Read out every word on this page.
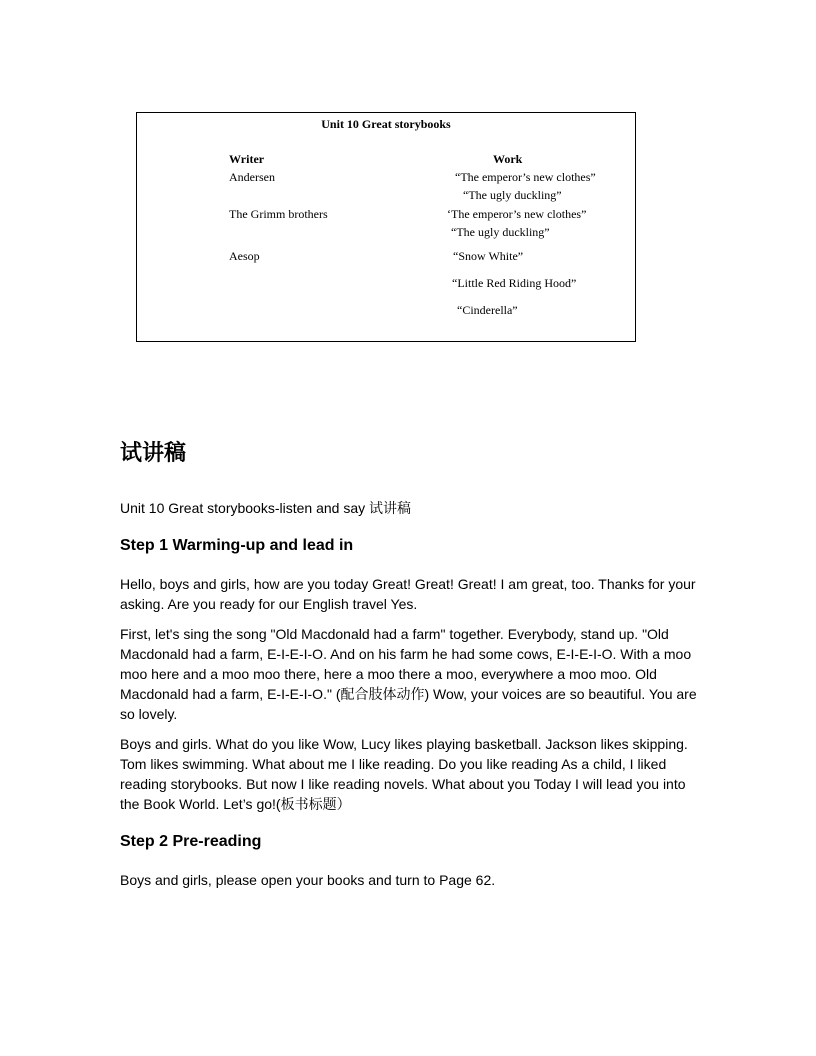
Unit 10 Great storybooks
Writer	Work
Andersen
The Grimm brothers
Aesop
“The emperor’s new clothes”
“The ugly duckling”
‘The emperor’s new clothes”
“The ugly duckling”
“Snow White”
“Little Red Riding Hood”
“Cinderella”
试讲稿
Unit 10 Great storybooks-listen and say 试讲稿
Step 1 Warming-up and lead in

Hello, boys and girls, how are you today Great! Great! Great! I am great, too. Thanks for your asking. Are you ready for our English travel Yes.

First, let's sing the song "Old Macdonald had a farm" together. Everybody, stand up. "Old Macdonald had a farm, E-I-E-I-O. And on his farm he had some cows, E-I-E-I-O. With a moo moo here and a moo moo there, here a moo there a moo, everywhere a moo moo. Old Macdonald had a farm, E-I-E-I-O." (配合肢体动作) Wow, your voices are so beautiful. You are so lovely.

Boys and girls. What do you like Wow, Lucy likes playing basketball. Jackson likes skipping. Tom likes swimming. What about me I like reading. Do you like reading As a child, I liked reading storybooks. But now I like reading novels. What about you Today I will lead you into the Book World. Let’s go!(板书标题）

Step 2 Pre-reading

Boys and girls, please open your books and turn to Page 62.
